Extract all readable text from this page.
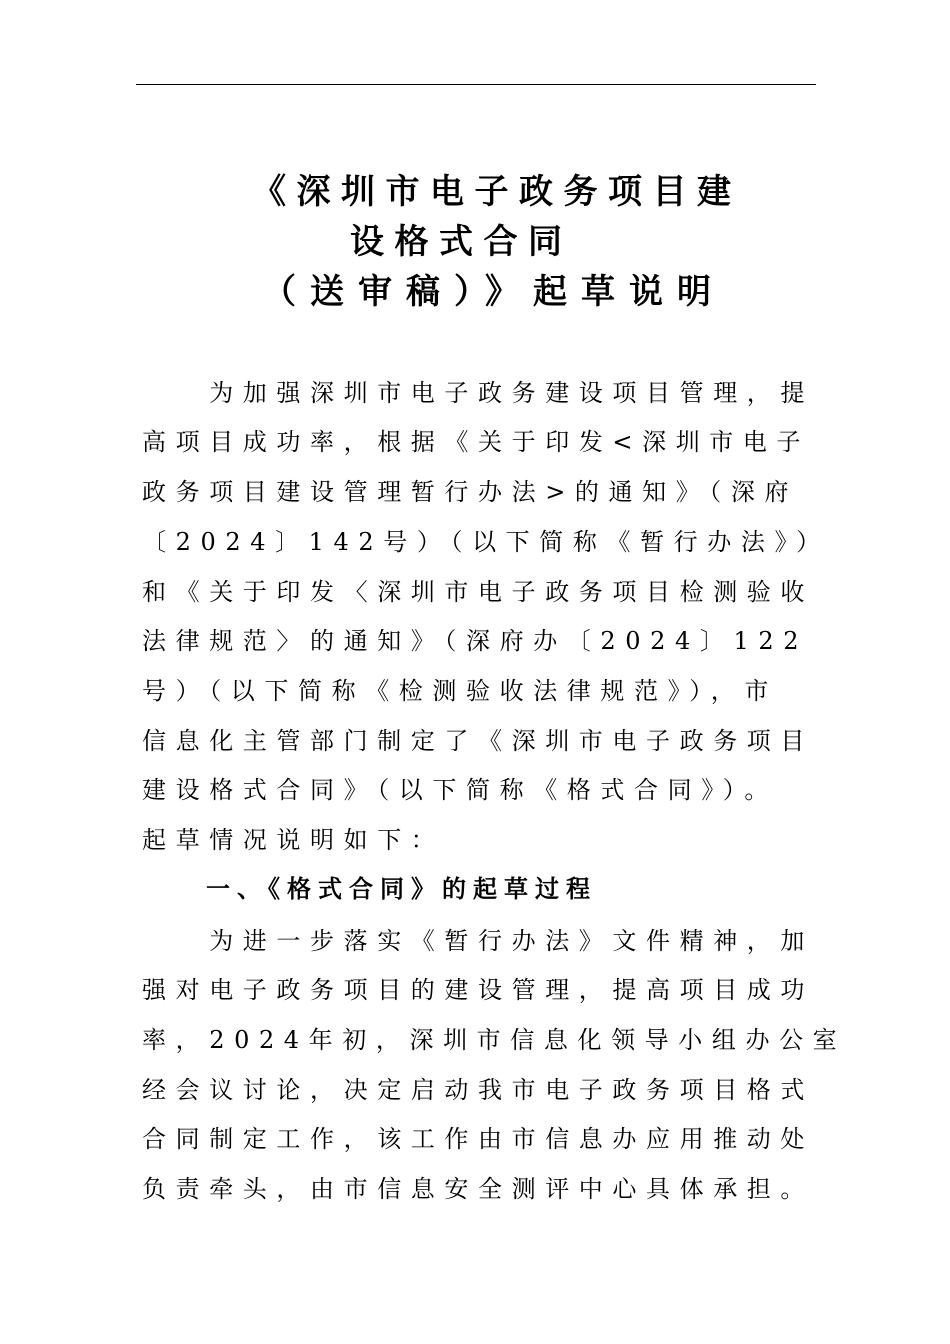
《深圳市电子政务项目建
设格式合同
（送审稿）》起草说明
　　为加强深圳市电子政务建设项目管理，提
高项目成功率，根据《关于印发<深圳市电子
政务项目建设管理暂行办法>的通知》（深府
〔2024〕142号）（以下简称《暂行办法》）
和《关于印发〈深圳市电子政务项目检测验收
法律规范〉的通知》（深府办〔2024〕122
号）（以下简称《检测验收法律规范》），市
信息化主管部门制定了《深圳市电子政务项目
建设格式合同》（以下简称《格式合同》）。
起草情况说明如下：
一、《格式合同》的起草过程
　　为进一步落实《暂行办法》文件精神，加
强对电子政务项目的建设管理，提高项目成功
率，2024年初，深圳市信息化领导小组办公室
经会议讨论，决定启动我市电子政务项目格式
合同制定工作，该工作由市信息办应用推动处
负责牵头，由市信息安全测评中心具体承担。
